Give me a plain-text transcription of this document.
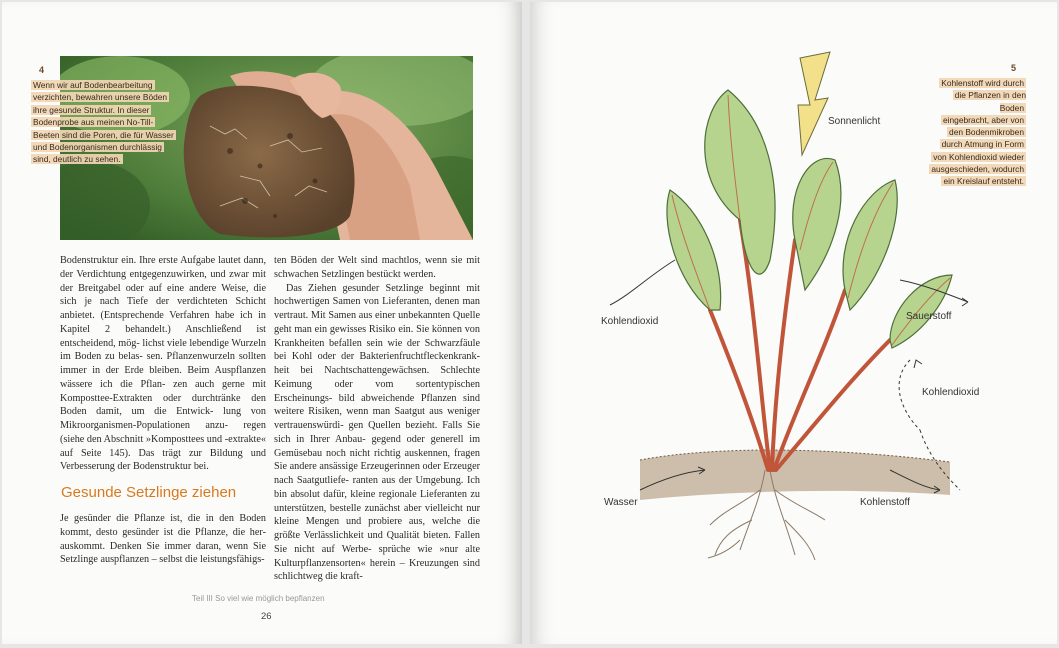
4
Wenn wir auf Bodenbearbeitung
verzichten, bewahren unsere Böden
ihre gesunde Struktur. In dieser
Bodenprobe aus meinen No-Till-
Beeten sind die Poren, die für Wasser
und Bodenorganismen durchlässig
sind, deutlich zu sehen.

Bodenstruktur ein. Ihre erste Aufgabe lautet dann, der Verdichtung entgegenzuwirken, und zwar mit der Breitgabel oder auf eine andere Weise, die sich je nach Tiefe der verdichteten Schicht anbietet. (Entsprechende Verfahren habe ich in Kapitel 2 behandelt.) Anschließend ist entscheidend, mög- lichst viele lebendige Wurzeln im Boden zu belas- sen. Pflanzenwurzeln sollten immer in der Erde bleiben. Beim Auspflanzen wässere ich die Pflan- zen auch gerne mit Komposttee-Extrakten oder durchtränke den Boden damit, um die Entwick- lung von Mikroorganismen-Populationen anzu- regen (siehe den Abschnitt »Komposttees und -extrakte« auf Seite 145). Das trägt zur Bildung und Verbesserung der Bodenstruktur bei.

Gesunde Setzlinge ziehen

Je gesünder die Pflanze ist, die in den Boden kommt, desto gesünder ist die Pflanze, die her- auskommt. Denken Sie immer daran, wenn Sie Setzlinge auspflanzen – selbst die leistungsfähigs-

ten Böden der Welt sind machtlos, wenn sie mit schwachen Setzlingen bestückt werden.

Das Ziehen gesunder Setzlinge beginnt mit hochwertigen Samen von Lieferanten, denen man vertraut. Mit Samen aus einer unbekannten Quelle geht man ein gewisses Risiko ein. Sie können von Krankheiten befallen sein wie der Schwarzfäule bei Kohl oder der Bakterienfruchtfleckenkrank- heit bei Nachtschattengewächsen. Schlechte Keimung oder vom sortentypischen Erscheinungs- bild abweichende Pflanzen sind weitere Risiken, wenn man Saatgut aus weniger vertrauenswürdi- gen Quellen bezieht. Falls Sie sich in Ihrer Anbau- gegend oder generell im Gemüsebau noch nicht richtig auskennen, fragen Sie andere ansässige Erzeugerinnen oder Erzeuger nach Saatgutliefe- ranten aus der Umgebung. Ich bin absolut dafür, kleine regionale Lieferanten zu unterstützen, bestelle zunächst aber vielleicht nur kleine Mengen und probiere aus, welche die größte Verlässlichkeit und Qualität bieten. Fallen Sie nicht auf Werbe- sprüche wie »nur alte Kulturpflanzensorten« herein – Kreuzungen sind schlichtweg die kraft-

Teil III So viel wie möglich bepflanzen
26
5
Kohlenstoff wird durch
die Pflanzen in den Boden
eingebracht, aber von
den Bodenmikroben
durch Atmung in Form
von Kohlendioxid wieder
ausgeschieden, wodurch
ein Kreislauf entsteht.
Sonnenlicht
Kohlendioxid	Sauerstoff
Kohlendioxid
Wasser	Kohlenstoff
